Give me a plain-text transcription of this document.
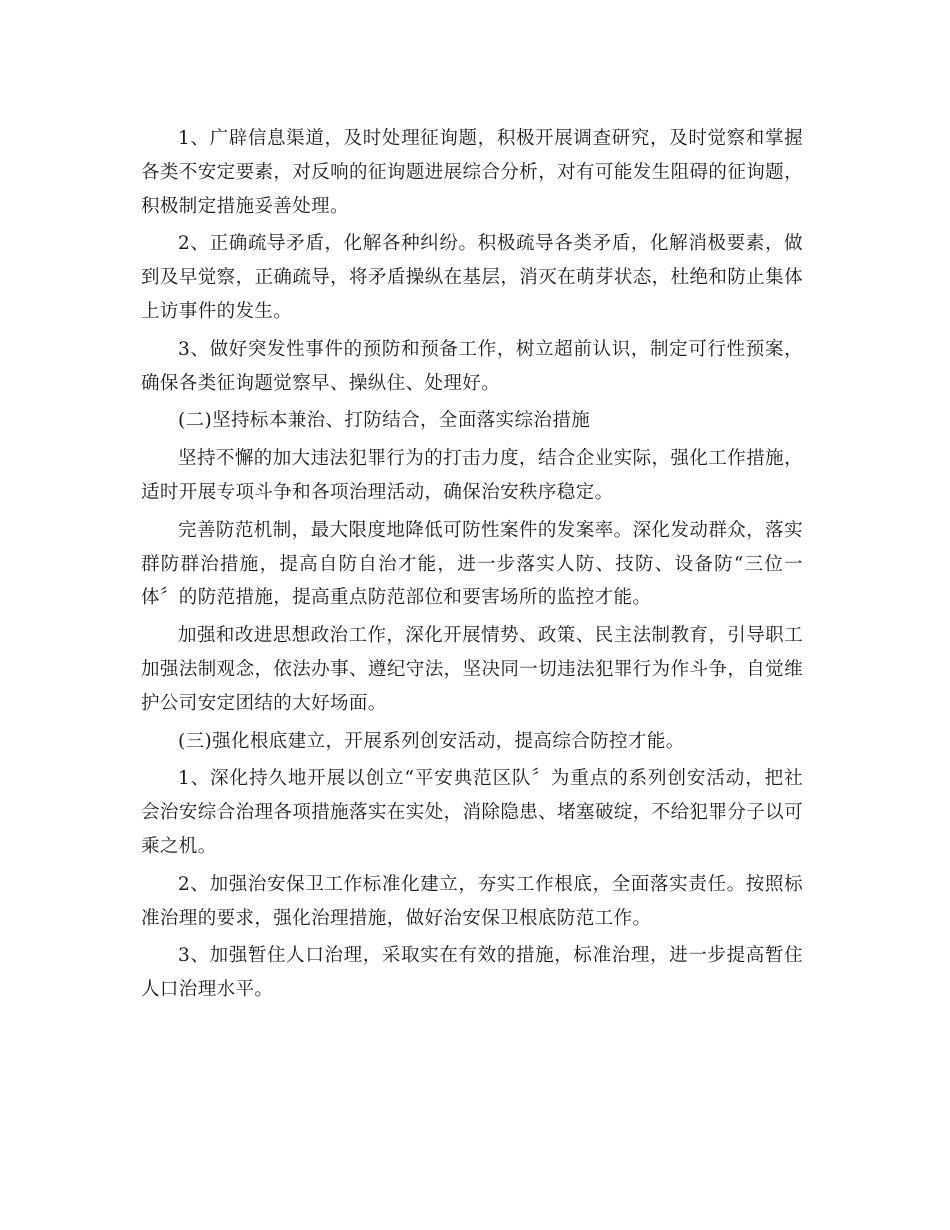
1、广辟信息渠道，及时处理征询题，积极开展调查研究，及时觉察和掌握各类不安定要素，对反响的征询题进展综合分析，对有可能发生阻碍的征询题，积极制定措施妥善处理。

2、正确疏导矛盾，化解各种纠纷。积极疏导各类矛盾，化解消极要素，做到及早觉察，正确疏导，将矛盾操纵在基层，消灭在萌芽状态，杜绝和防止集体上访事件的发生。

3、做好突发性事件的预防和预备工作，树立超前认识，制定可行性预案，确保各类征询题觉察早、操纵住、处理好。

(二)坚持标本兼治、打防结合，全面落实综治措施

坚持不懈的加大违法犯罪行为的打击力度，结合企业实际，强化工作措施，适时开展专项斗争和各项治理活动，确保治安秩序稳定。

完善防范机制，最大限度地降低可防性案件的发案率。深化发动群众，落实群防群治措施，提高自防自治才能，进一步落实人防、技防、设备防“三位一体〞的防范措施，提高重点防范部位和要害场所的监控才能。

加强和改进思想政治工作，深化开展情势、政策、民主法制教育，引导职工加强法制观念，依法办事、遵纪守法，坚决同一切违法犯罪行为作斗争，自觉维护公司安定团结的大好场面。

(三)强化根底建立，开展系列创安活动，提高综合防控才能。

1、深化持久地开展以创立“平安典范区队〞为重点的系列创安活动，把社会治安综合治理各项措施落实在实处，消除隐患、堵塞破绽，不给犯罪分子以可乘之机。

2、加强治安保卫工作标准化建立，夯实工作根底，全面落实责任。按照标准治理的要求，强化治理措施，做好治安保卫根底防范工作。

3、加强暂住人口治理，采取实在有效的措施，标准治理，进一步提高暂住人口治理水平。
